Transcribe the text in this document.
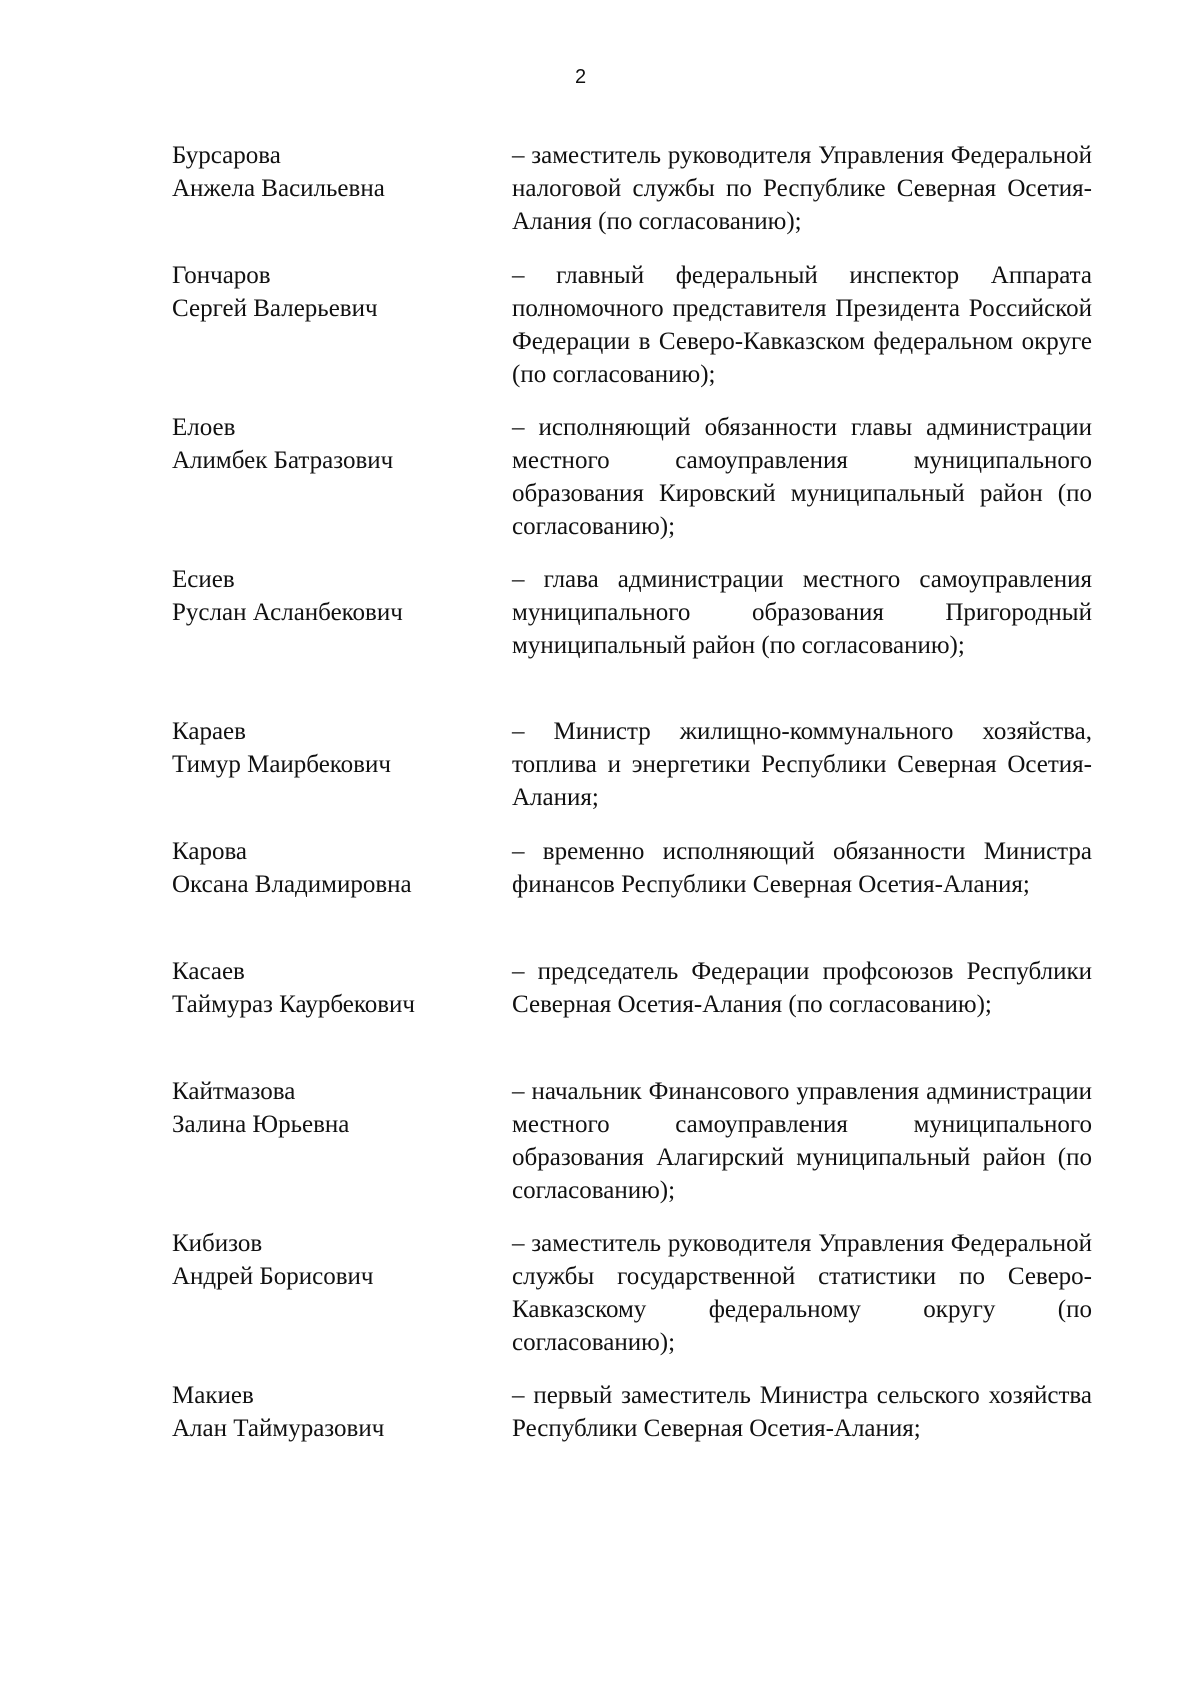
2
Бурсарова
Анжела Васильевна
– заместитель руководителя Управления Федеральной налоговой службы по Республике Северная Осетия-Алания (по согласованию);
Гончаров
Сергей Валерьевич
– главный федеральный инспектор Аппарата полномочного представителя Президента Российской Федерации в Северо-Кавказском федеральном округе (по согласованию);
Елоев
Алимбек Батразович
– исполняющий обязанности главы администрации местного самоуправления муниципального образования Кировский муниципальный район (по согласованию);
Есиев
Руслан Асланбекович
– глава администрации местного самоуправления муниципального образования Пригородный муниципальный район (по согласованию);
Караев
Тимур Маирбекович
– Министр жилищно-коммунального хозяйства, топлива и энергетики Республики Северная Осетия-Алания;
Карова
Оксана Владимировна
– временно исполняющий обязанности Министра финансов Республики Северная Осетия-Алания;
Касаев
Таймураз Каурбекович
– председатель Федерации профсоюзов Республики Северная Осетия-Алания (по согласованию);
Кайтмазова
Залина Юрьевна
– начальник Финансового управления администрации местного самоуправления муниципального образования Алагирский муниципальный район (по согласованию);
Кибизов
Андрей Борисович
– заместитель руководителя Управления Федеральной службы государственной статистики по Северо-Кавказскому федеральному округу (по согласованию);
Макиев
Алан Таймуразович
– первый заместитель Министра сельского хозяйства Республики Северная Осетия-Алания;
